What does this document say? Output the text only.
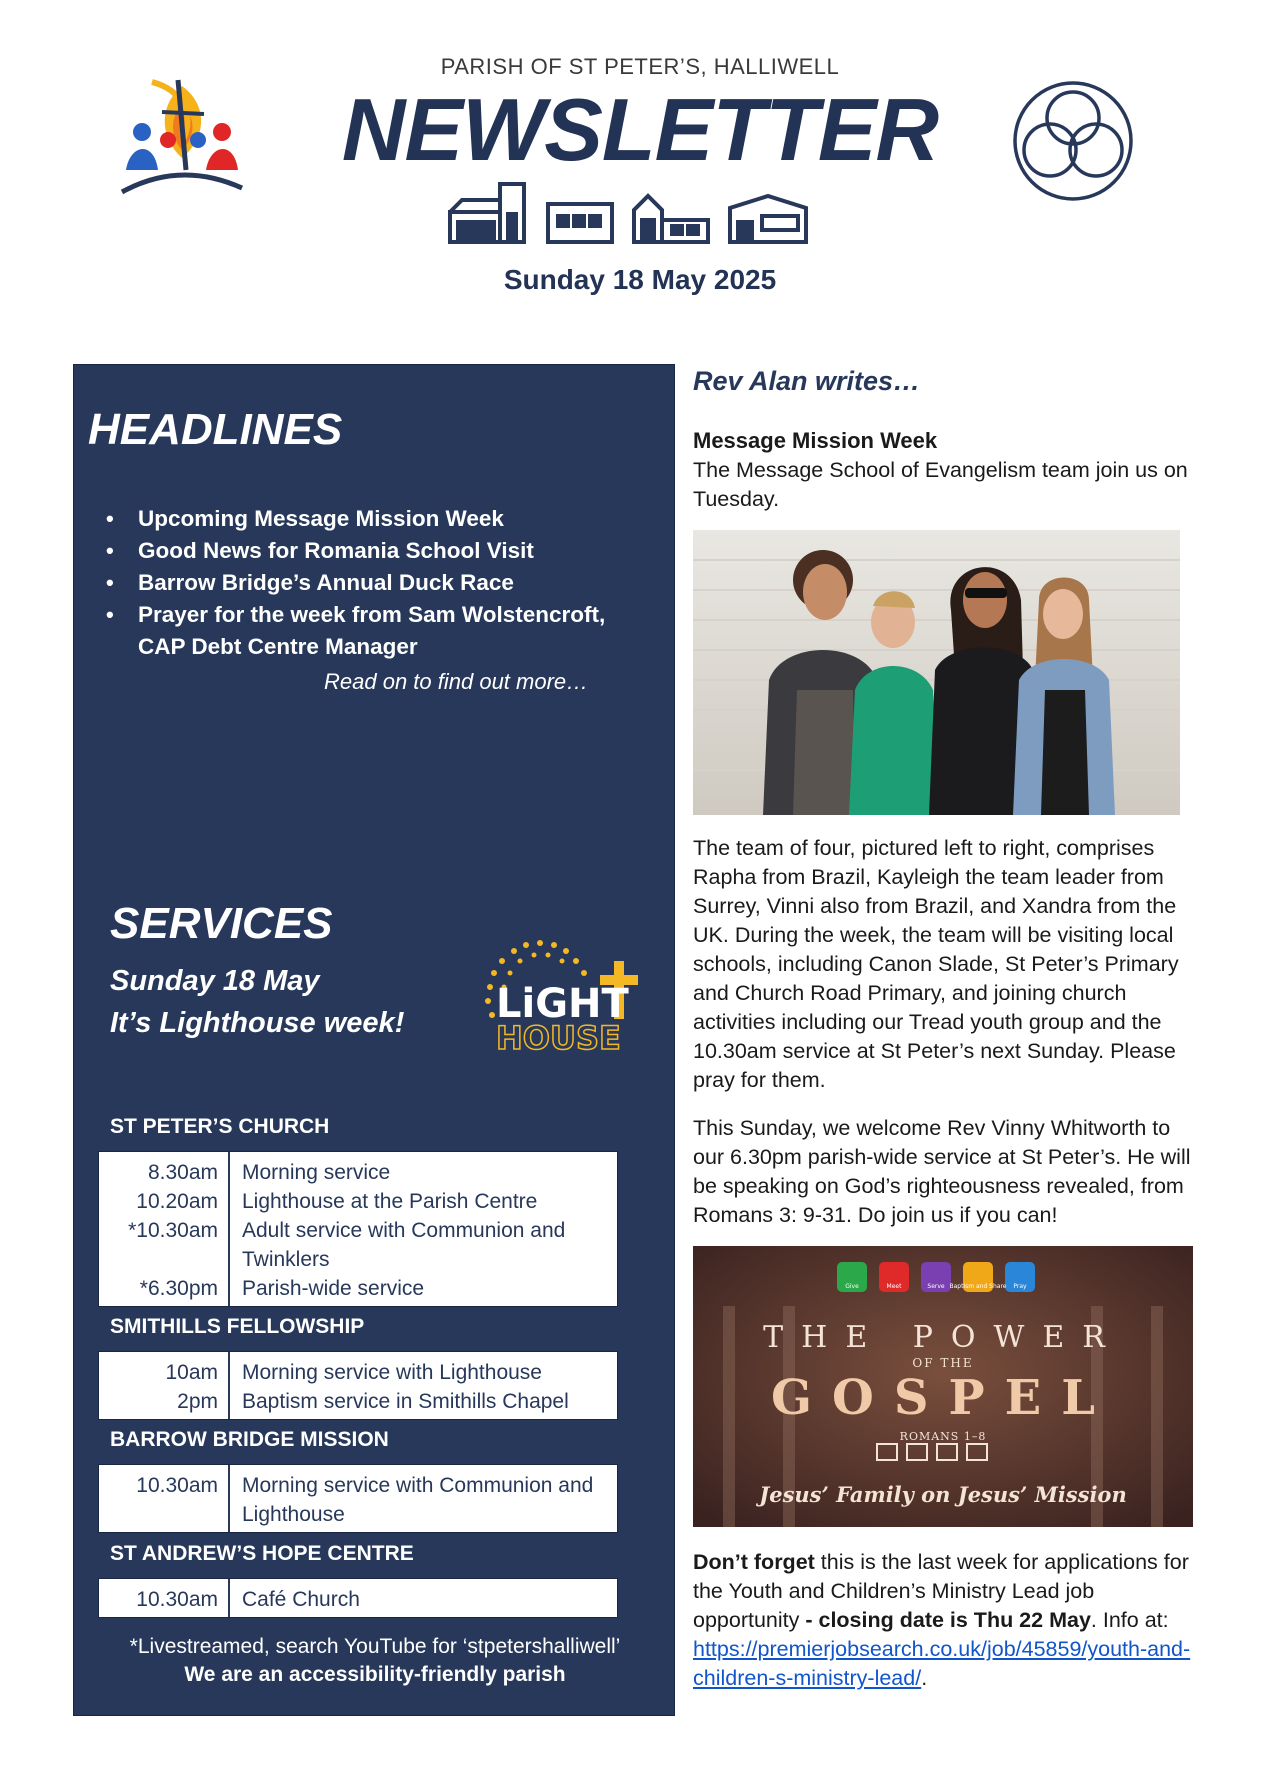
PARISH OF ST PETER’S, HALLIWELL
NEWSLETTER
Sunday 18 May 2025
HEADLINES
• Upcoming Message Mission Week
• Good News for Romania School Visit
• Barrow Bridge’s Annual Duck Race
• Prayer for the week from Sam Wolstencroft, CAP Debt Centre Manager
Read on to find out more…
SERVICES
Sunday 18 May
It’s Lighthouse week! LiGHT
HOUSE
ST PETER’S CHURCH
8.30am	Morning service
10.20am	Lighthouse at the Parish Centre
*10.30am	Adult service with Communion and Twinklers
*6.30pm	Parish-wide service
SMITHILLS FELLOWSHIP
10am	Morning service with Lighthouse
2pm	Baptism service in Smithills Chapel
BARROW BRIDGE MISSION
10.30am	Morning service with Communion and Lighthouse
ST ANDREW’S HOPE CENTRE
10.30am	Café Church
*Livestreamed, search YouTube for ‘stpetershalliwell’
We are an accessibility-friendly parish
Rev Alan writes…
Message Mission Week
The Message School of Evangelism team join us on Tuesday.
The team of four, pictured left to right, comprises Rapha from Brazil, Kayleigh the team leader from Surrey, Vinni also from Brazil, and Xandra from the UK. During the week, the team will be visiting local schools, including Canon Slade, St Peter’s Primary and Church Road Primary, and joining church activities including our Tread youth group and the 10.30am service at St Peter’s next Sunday. Please pray for them.
This Sunday, we welcome Rev Vinny Whitworth to our 6.30pm parish-wide service at St Peter’s. He will be speaking on God’s righteousness revealed, from Romans 3: 9-31. Do join us if you can!
Give	Meet	Serve Baptism and Share Pray
THE POWER
OF THE
GOSPEL
ROMANS 1–8
Jesus’ Family on Jesus’ Mission
Don’t forget this is the last week for applications for the Youth and Children’s Ministry Lead job opportunity - closing date is Thu 22 May. Info at: https://premierjobsearch.co.uk/job/45859/youth-and-children-s-ministry-lead/.
